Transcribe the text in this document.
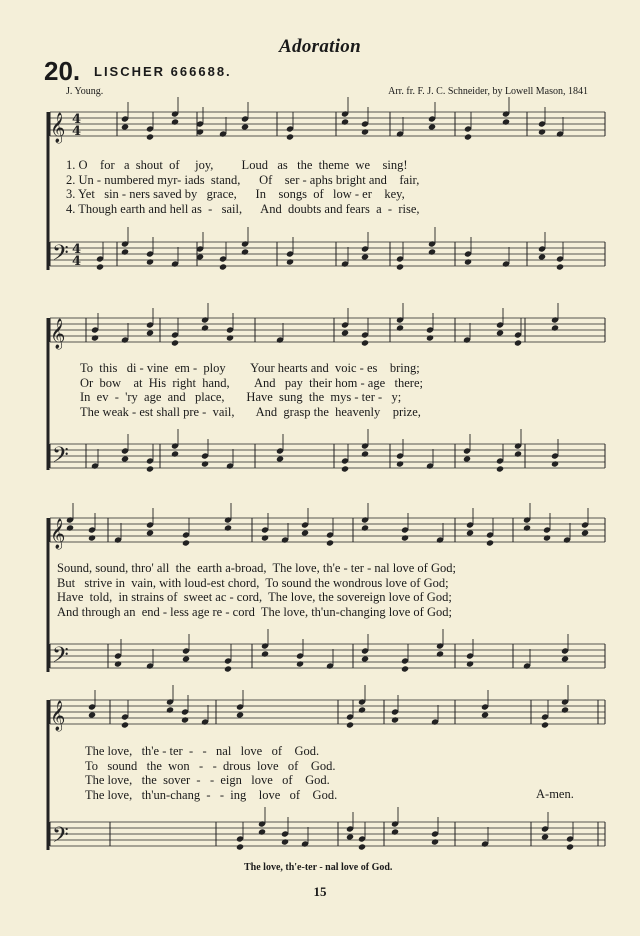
Adoration
20. LISCHER 666688.
J. Young.	Arr. fr. F. J. C. Schneider, by Lowell Mason, 1841
𝄞 4
4
𝄢 4
4
𝄞
𝄢
𝄞
𝄢
𝄞
𝄢
1. O    for   a  shout  of     joy,         Loud   as   the  theme  we    sing!
2. Un - numbered myr- iads  stand,      Of    ser - aphs bright and    fair,
3. Yet   sin - ners saved by   grace,      In    songs  of   low - er    key,
4. Though earth and hell as  -   sail,      And  doubts and fears  a  -  rise,
To  this   di - vine  em -  ploy        Your hearts and  voic - es    bring;
Or  bow    at  His  right  hand,        And   pay  their hom - age   there;
In  ev  -  'ry  age  and   place,       Have  sung  the  mys - ter -   y;
The weak - est shall pre -  vail,       And  grasp the  heavenly    prize,
Sound, sound, thro' all  the  earth a-broad,  The love, th'e - ter - nal love of God;
But   strive in  vain, with loud-est chord,  To sound the wondrous love of God;
Have  told,  in strains of  sweet ac - cord,  The love, the sovereign love of God;
And through an  end - less age re - cord  The love, th'un-changing love of God;
The love,   th'e - ter  -   -   nal   love   of    God.
To   sound   the  won   -   -  drous  love   of    God.
The love,   the  sover  -   -  eign   love   of    God.
The love,   th'un-chang  -   -  ing    love   of    God.	A-men.
The love, th'e-ter - nal love of God.
15
